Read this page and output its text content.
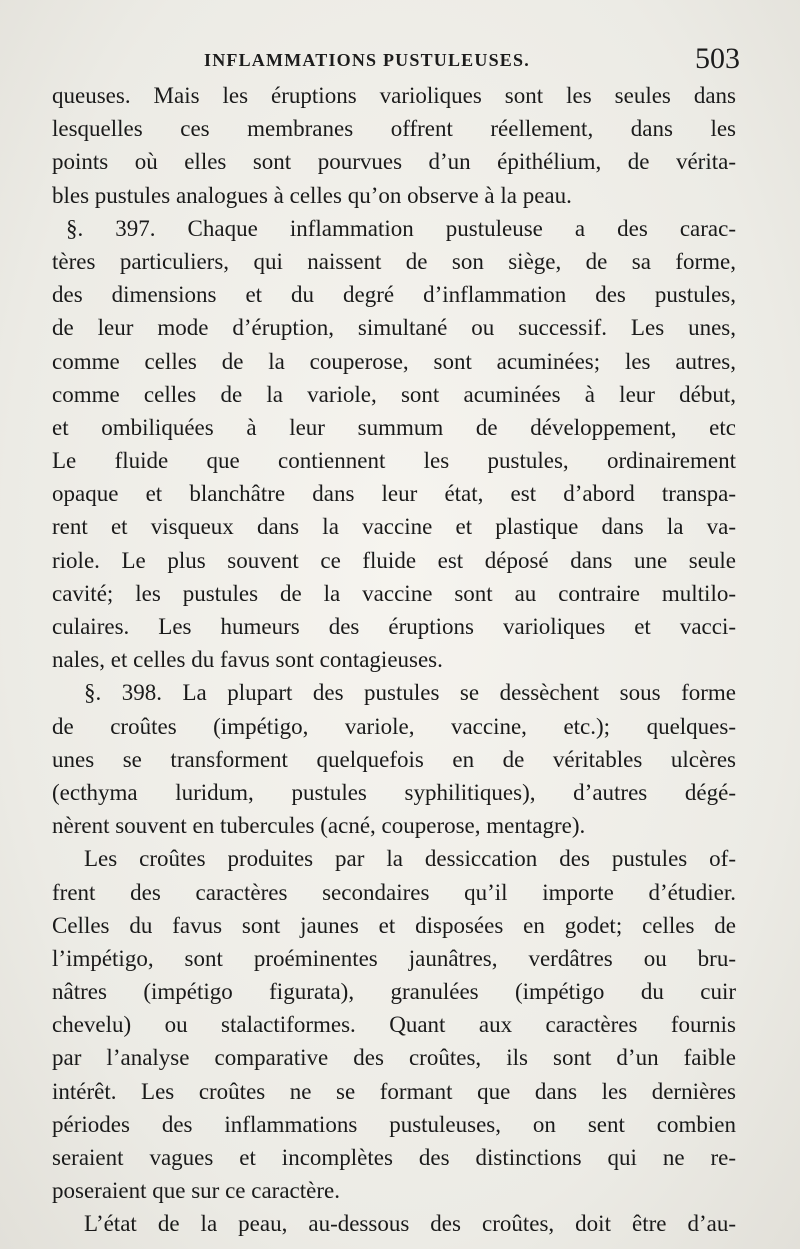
INFLAMMATIONS PUSTULEUSES.	503
queuses. Mais les éruptions varioliques sont les seules dans
lesquelles ces membranes offrent réellement, dans les
points où elles sont pourvues d’un épithélium, de vérita-
bles pustules analogues à celles qu’on observe à la peau.
§. 397. Chaque inflammation pustuleuse a des carac-
tères particuliers, qui naissent de son siège, de sa forme,
des dimensions et du degré d’inflammation des pustules,
de leur mode d’éruption, simultané ou successif. Les unes,
comme celles de la couperose, sont acuminées; les autres,
comme celles de la variole, sont acuminées à leur début,
et ombiliquées à leur summum de développement, etc
Le fluide que contiennent les pustules, ordinairement
opaque et blanchâtre dans leur état, est d’abord transpa-
rent et visqueux dans la vaccine et plastique dans la va-
riole. Le plus souvent ce fluide est déposé dans une seule
cavité; les pustules de la vaccine sont au contraire multilo-
culaires. Les humeurs des éruptions varioliques et vacci-
nales, et celles du favus sont contagieuses.
§. 398. La plupart des pustules se dessèchent sous forme
de croûtes (impétigo, variole, vaccine, etc.); quelques-
unes se transforment quelquefois en de véritables ulcères
(ecthyma luridum, pustules syphilitiques), d’autres dégé-
nèrent souvent en tubercules (acné, couperose, mentagre).
Les croûtes produites par la dessiccation des pustules of-
frent des caractères secondaires qu’il importe d’étudier.
Celles du favus sont jaunes et disposées en godet; celles de
l’impétigo, sont proéminentes jaunâtres, verdâtres ou bru-
nâtres (impétigo figurata), granulées (impétigo du cuir
chevelu) ou stalactiformes. Quant aux caractères fournis
par l’analyse comparative des croûtes, ils sont d’un faible
intérêt. Les croûtes ne se formant que dans les dernières
périodes des inflammations pustuleuses, on sent combien
seraient vagues et incomplètes des distinctions qui ne re-
poseraient que sur ce caractère.
L’état de la peau, au-dessous des croûtes, doit être d’au-
